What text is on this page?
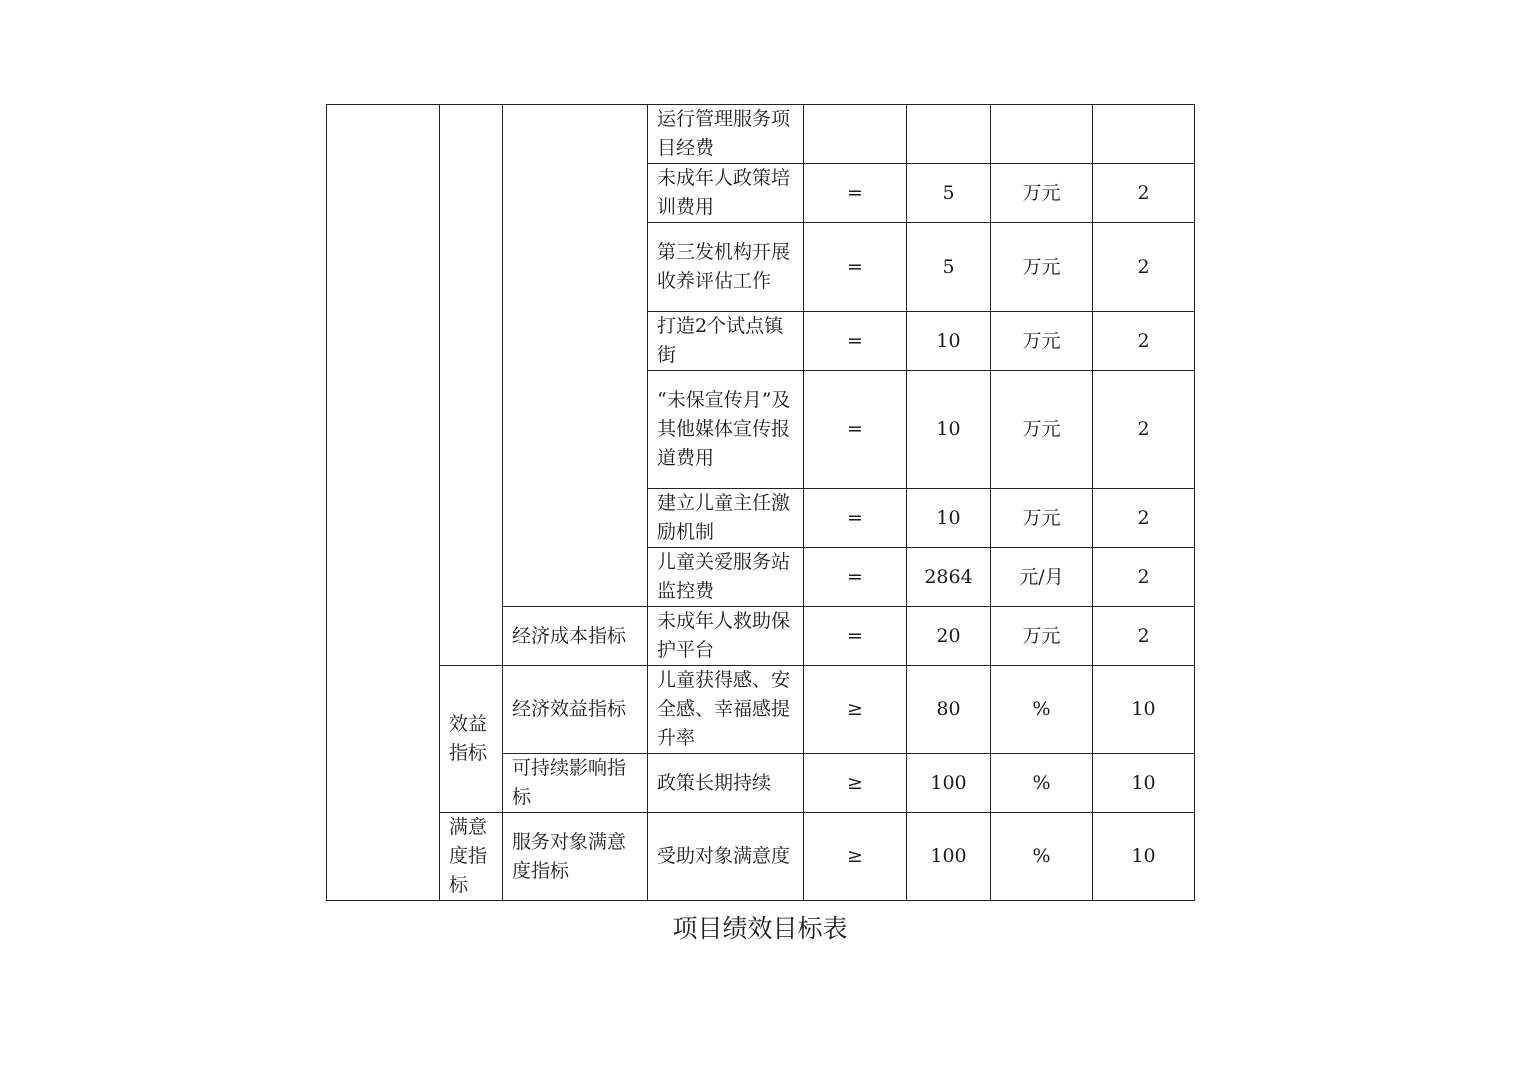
			运行管理服务项目经费				
			未成年人政策培训费用	=	5	万元	2
			第三发机构开展收养评估工作	=	5	万元	2
			打造2个试点镇街	=	10	万元	2
			“未保宣传月”及其他媒体宣传报道费用	=	10	万元	2
			建立儿童主任激励机制	=	10	万元	2
			儿童关爱服务站监控费	=	2864	元/月	2
		经济成本指标	未成年人救助保护平台	=	20	万元	2
	效益指标	经济效益指标	儿童获得感、安全感、幸福感提升率	≥	80	%	10
		可持续影响指标	政策长期持续	≥	100	%	10
	满意度指标	服务对象满意度指标	受助对象满意度	≥	100	%	10
项目绩效目标表
